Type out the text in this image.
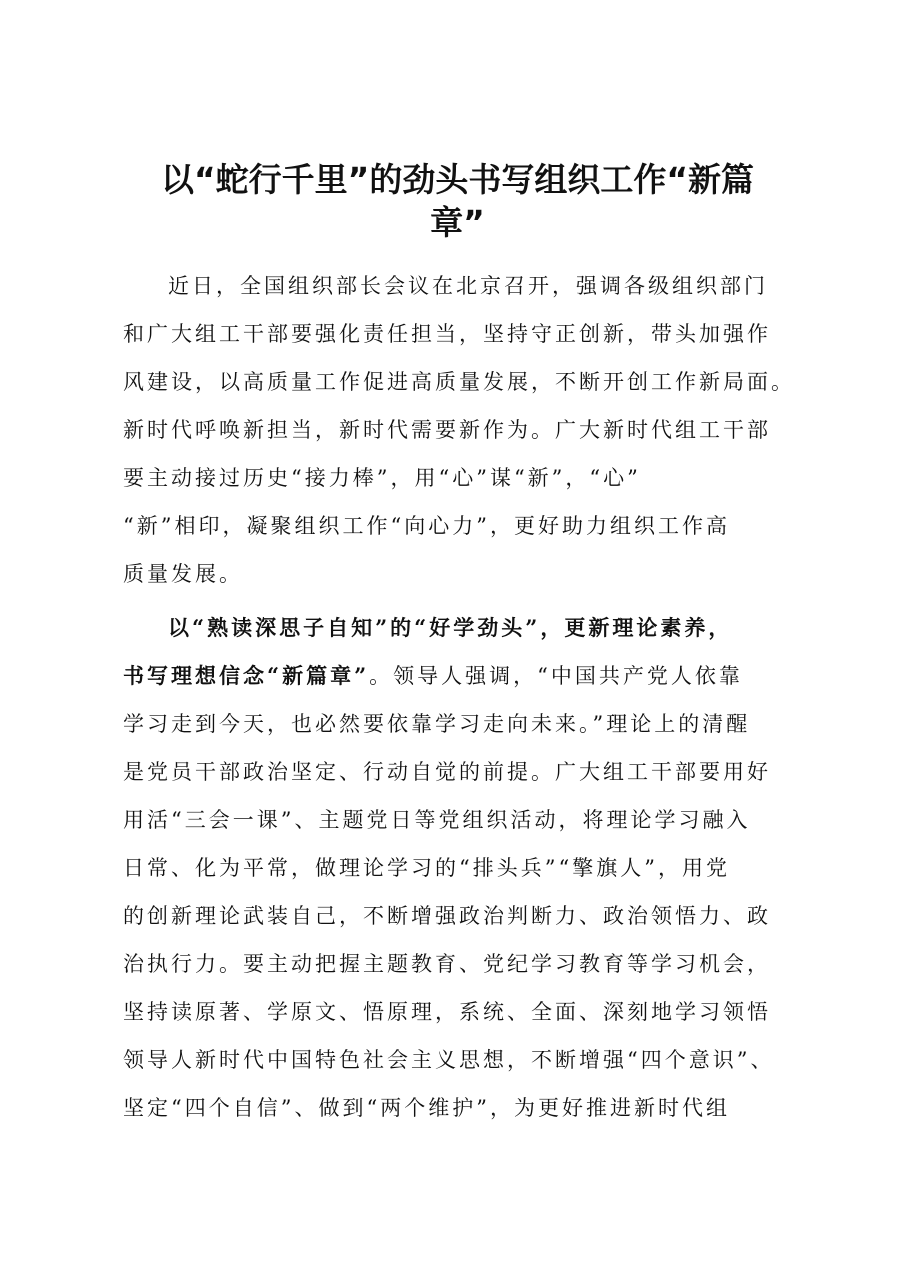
以“蛇行千里”的劲头书写组织工作“新篇
章”
近日，全国组织部长会议在北京召开，强调各级组织部门
和广大组工干部要强化责任担当，坚持守正创新，带头加强作
风建设，以高质量工作促进高质量发展，不断开创工作新局面。
新时代呼唤新担当，新时代需要新作为。广大新时代组工干部
要主动接过历史“接力棒”，用“心”谋“新”，“心”
“新”相印，凝聚组织工作“向心力”，更好助力组织工作高
质量发展。
以“熟读深思子自知”的“好学劲头”，更新理论素养，
书写理想信念“新篇章”。领导人强调，“中国共产党人依靠
学习走到今天，也必然要依靠学习走向未来。”理论上的清醒
是党员干部政治坚定、行动自觉的前提。广大组工干部要用好
用活“三会一课”、主题党日等党组织活动，将理论学习融入
日常、化为平常，做理论学习的“排头兵”“擎旗人”，用党
的创新理论武装自己，不断增强政治判断力、政治领悟力、政
治执行力。要主动把握主题教育、党纪学习教育等学习机会，
坚持读原著、学原文、悟原理，系统、全面、深刻地学习领悟
领导人新时代中国特色社会主义思想，不断增强“四个意识”、
坚定“四个自信”、做到“两个维护”，为更好推进新时代组
